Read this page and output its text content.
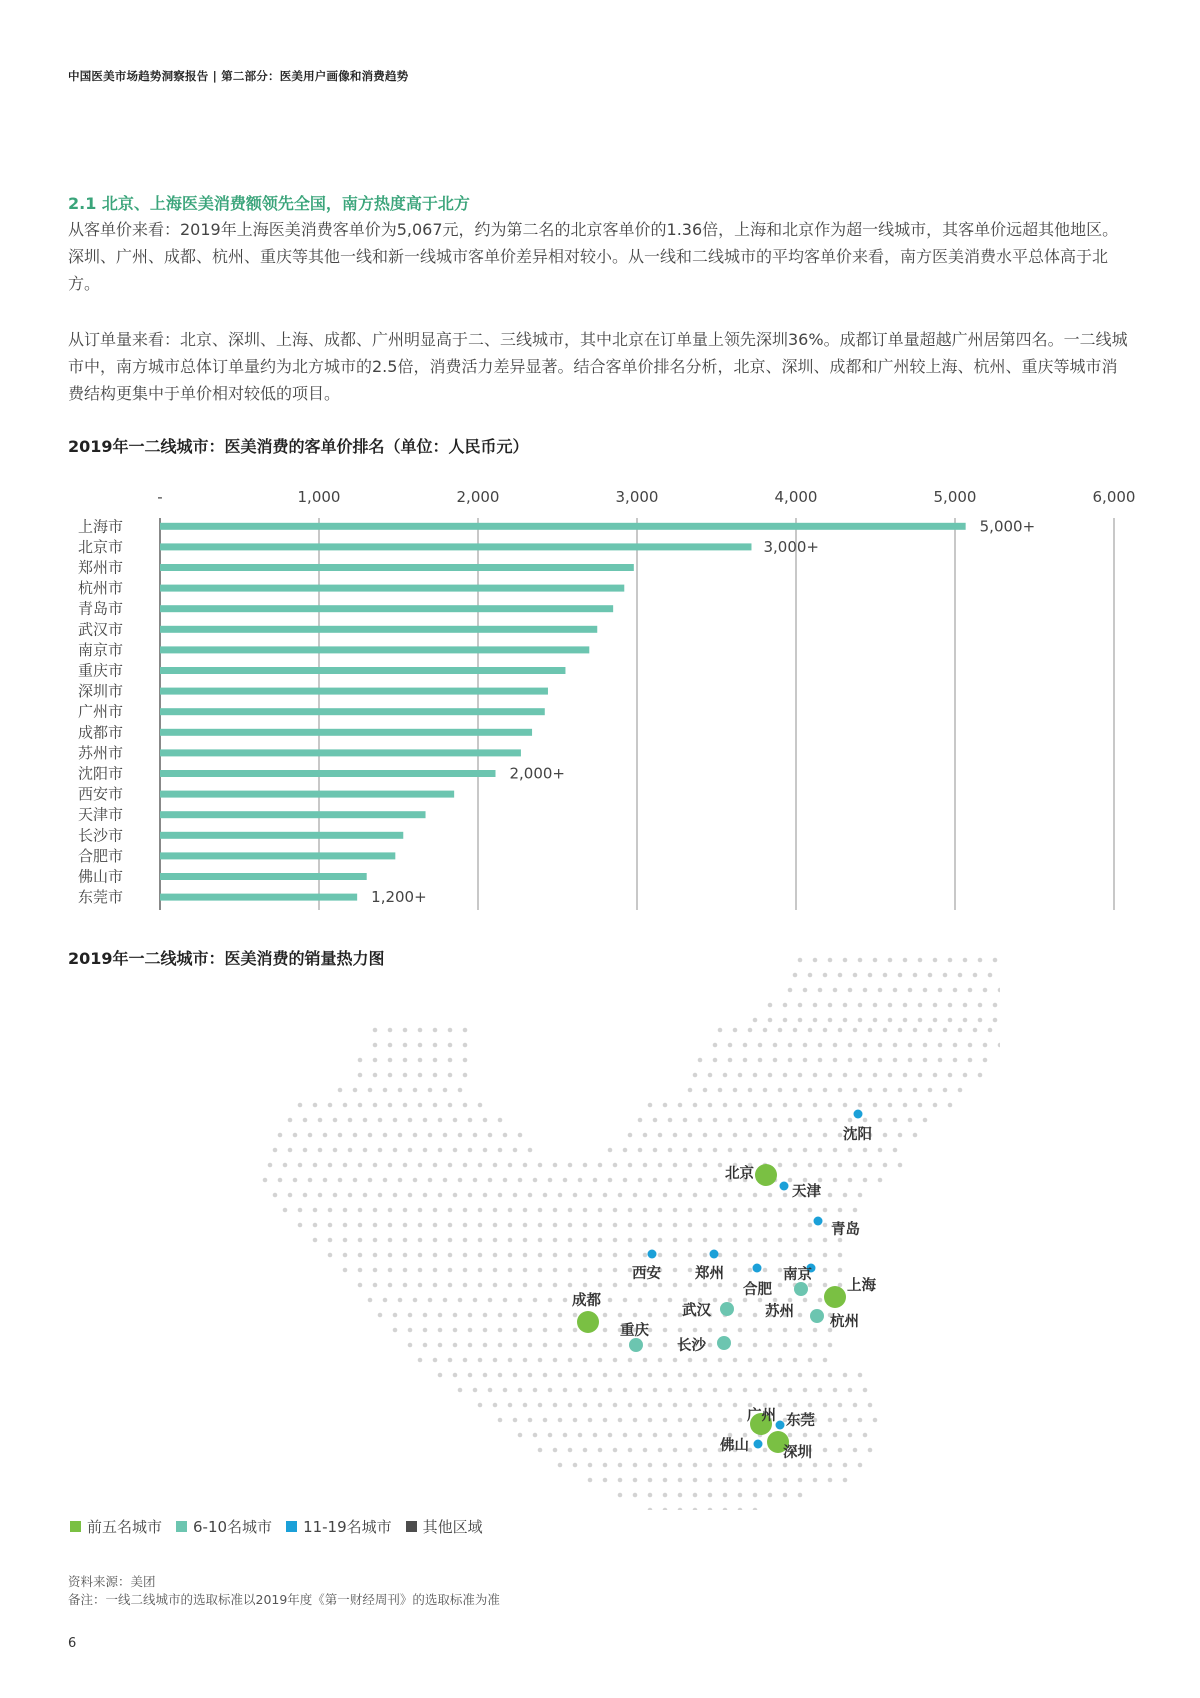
中国医美市场趋势洞察报告 | 第二部分：医美用户画像和消费趋势
2.1 北京、上海医美消费额领先全国，南方热度高于北方

从客单价来看：2019年上海医美消费客单价为5,067元，约为第二名的北京客单价的1.36倍，上海和北京作为超一线城市，其客单价远超其他地区。深圳、广州、成都、杭州、重庆等其他一线和新一线城市客单价差异相对较小。从一线和二线城市的平均客单价来看，南方医美消费水平总体高于北方。

从订单量来看：北京、深圳、上海、成都、广州明显高于二、三线城市，其中北京在订单量上领先深圳36%。成都订单量超越广州居第四名。一二线城市中，南方城市总体订单量约为北方城市的2.5倍，消费活力差异显著。结合客单价排名分析，北京、深圳、成都和广州较上海、杭州、重庆等城市消费结构更集中于单价相对较低的项目。

2019年一二线城市：医美消费的客单价排名（单位：人民币元）
-	1,000	2,000	3,000	4,000	5,000	6,000
上海市
北京市
郑州市
杭州市
青岛市
武汉市
南京市
重庆市
深圳市
广州市
成都市
苏州市
沈阳市
西安市
天津市
长沙市
合肥市
佛山市
东莞市
5,000+
3,000+
2,000+
1,200+
2019年一二线城市：医美消费的销量热力图
北京
上海
成都
广州
深圳
杭州
重庆
武汉
长沙
南京
沈阳
天津
青岛
西安 郑州
合肥
苏州
东莞
佛山
前五名城市 6-10名城市 11-19名城市 其他区域
资料来源：美团
备注：一线二线城市的选取标准以2019年度《第一财经周刊》的选取标准为准
6
